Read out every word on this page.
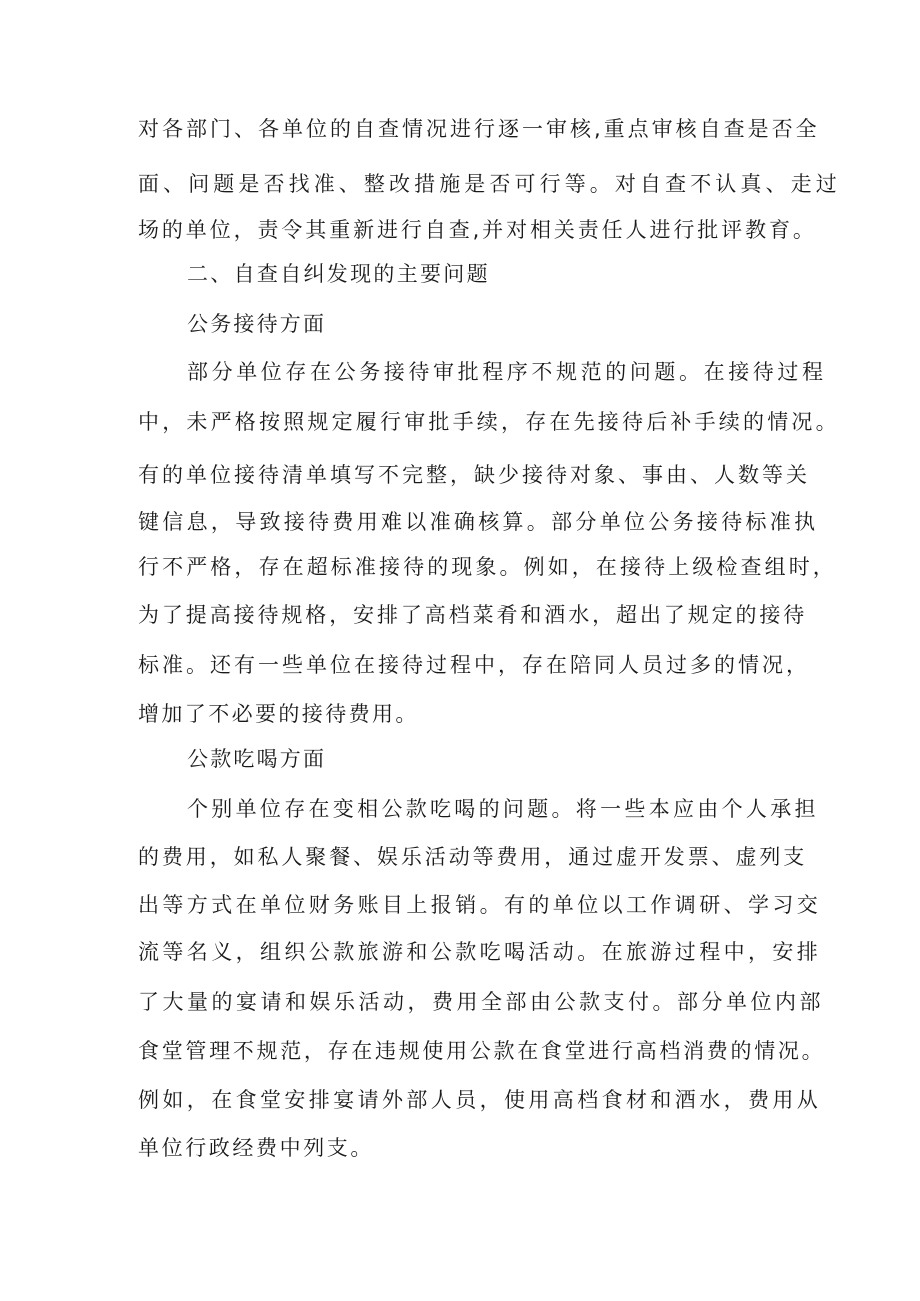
对各部门、各单位的自查情况进行逐一审核,重点审核自查是否全

面、问题是否找准、整改措施是否可行等。对自查不认真、走过

场的单位，责令其重新进行自查,并对相关责任人进行批评教育。

二、自查自纠发现的主要问题

公务接待方面

部分单位存在公务接待审批程序不规范的问题。在接待过程

中，未严格按照规定履行审批手续，存在先接待后补手续的情况。

有的单位接待清单填写不完整，缺少接待对象、事由、人数等关

键信息，导致接待费用难以准确核算。部分单位公务接待标准执

行不严格，存在超标准接待的现象。例如，在接待上级检查组时，

为了提高接待规格，安排了高档菜肴和酒水，超出了规定的接待

标准。还有一些单位在接待过程中，存在陪同人员过多的情况，

增加了不必要的接待费用。

公款吃喝方面

个别单位存在变相公款吃喝的问题。将一些本应由个人承担

的费用，如私人聚餐、娱乐活动等费用，通过虚开发票、虚列支

出等方式在单位财务账目上报销。有的单位以工作调研、学习交

流等名义，组织公款旅游和公款吃喝活动。在旅游过程中，安排

了大量的宴请和娱乐活动，费用全部由公款支付。部分单位内部

食堂管理不规范，存在违规使用公款在食堂进行高档消费的情况。

例如，在食堂安排宴请外部人员，使用高档食材和酒水，费用从

单位行政经费中列支。
